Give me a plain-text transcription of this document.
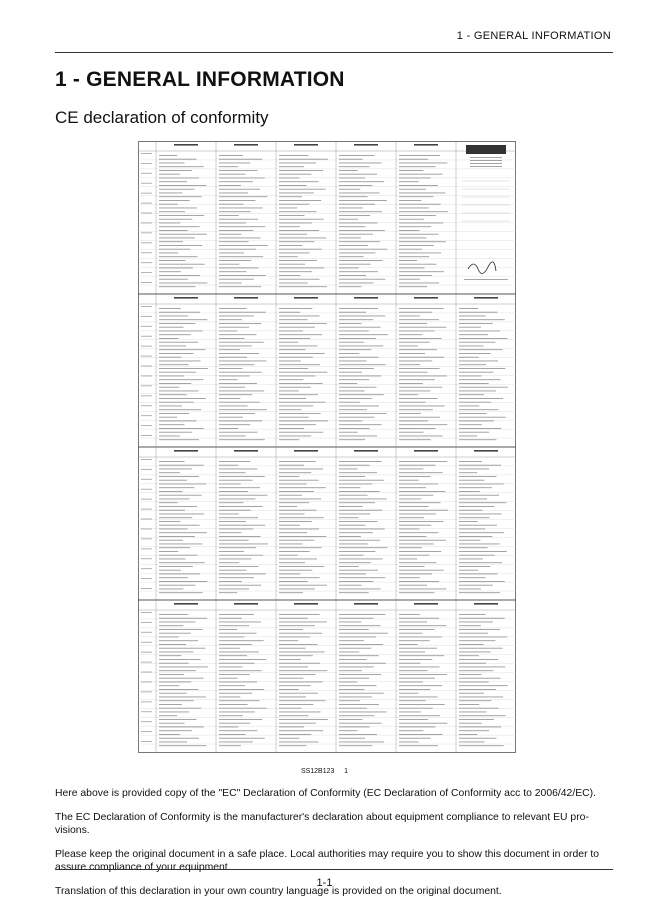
1 - GENERAL INFORMATION
1 - GENERAL INFORMATION
CE declaration of conformity
SS12B123 1

Here above is provided copy of the "EC" Declaration of Conformity (EC Declaration of Conformity acc to 2006/42/EC).

The EC Declaration of Conformity is the manufacturer's declaration about equipment compliance to relevant EU pro-visions.

Please keep the original document in a safe place. Local authorities may require you to show this document in order to assure compliance of your equipment.

Translation of this declaration in your own country language is provided on the original document.

1-1
